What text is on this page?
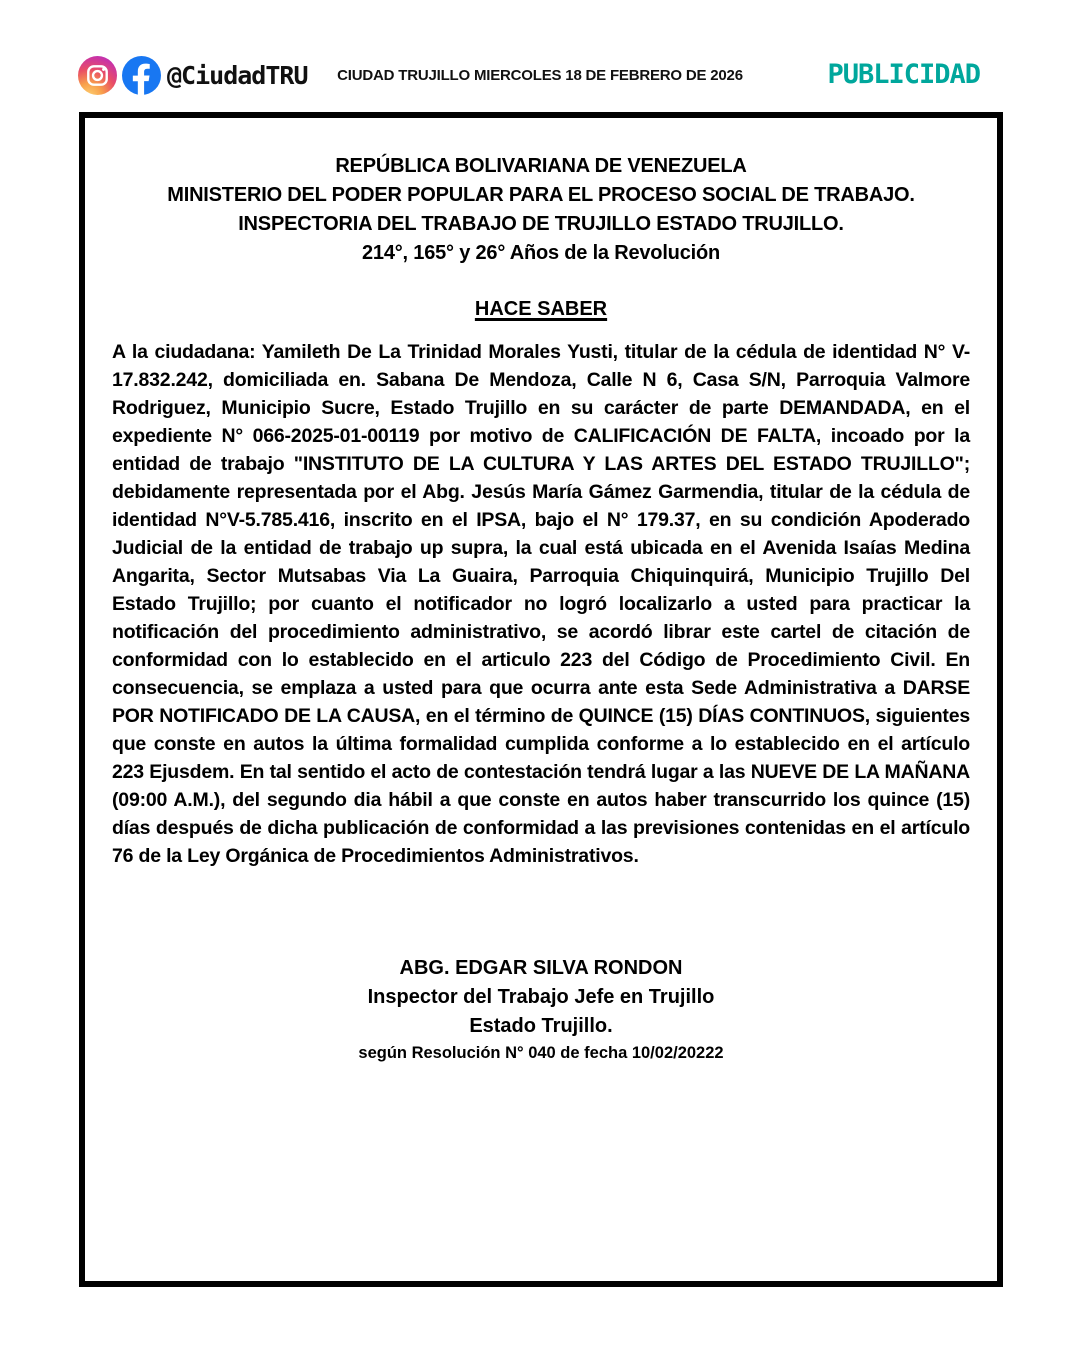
@CiudadTRU CIUDAD TRUJILLO MIERCOLES 18 DE FEBRERO DE 2026	PUBLICIDAD
REPÚBLICA BOLIVARIANA DE VENEZUELA
MINISTERIO DEL PODER POPULAR PARA EL PROCESO SOCIAL DE TRABAJO.
INSPECTORIA DEL TRABAJO DE TRUJILLO ESTADO TRUJILLO.
214°, 165° y 26° Años de la Revolución
HACE SABER
A la ciudadana: Yamileth De La Trinidad Morales Yusti, titular de la cédula de identidad N° V- 17.832.242, domiciliada en. Sabana De Mendoza, Calle N 6, Casa S/N, Parroquia Valmore Rodriguez, Municipio Sucre, Estado Trujillo en su carácter de parte DEMANDADA, en el expediente N° 066-2025-01-00119 por motivo de CALIFICACIÓN DE FALTA, incoado por la entidad de trabajo "INSTITUTO DE LA CULTURA Y LAS ARTES DEL ESTADO TRUJILLO"; debidamente representada por el Abg. Jesús María Gámez Garmendia, titular de la cédula de identidad N°V-5.785.416, inscrito en el IPSA, bajo el N° 179.37, en su condición Apoderado Judicial de la entidad de trabajo up supra, la cual está ubicada en el Avenida Isaías Medina Angarita, Sector Mutsabas Via La Guaira, Parroquia Chiquinquirá, Municipio Trujillo Del Estado Trujillo; por cuanto el notificador no logró localizarlo a usted para practicar la notificación del procedimiento administrativo, se acordó librar este cartel de citación de conformidad con lo establecido en el articulo 223 del Código de Procedimiento Civil. En consecuencia, se emplaza a usted para que ocurra ante esta Sede Administrativa a DARSE POR NOTIFICADO DE LA CAUSA, en el término de QUINCE (15) DÍAS CONTINUOS, siguientes que conste en autos la última formalidad cumplida conforme a lo establecido en el artículo 223 Ejusdem. En tal sentido el acto de contestación tendrá lugar a las NUEVE DE LA MAÑANA (09:00 A.M.), del segundo dia hábil a que conste en autos haber transcurrido los quince (15) días después de dicha publicación de conformidad a las previsiones contenidas en el artículo 76 de la Ley Orgánica de Procedimientos Administrativos.
ABG. EDGAR SILVA RONDON
Inspector del Trabajo Jefe en Trujillo
Estado Trujillo.
según Resolución N° 040 de fecha 10/02/20222
